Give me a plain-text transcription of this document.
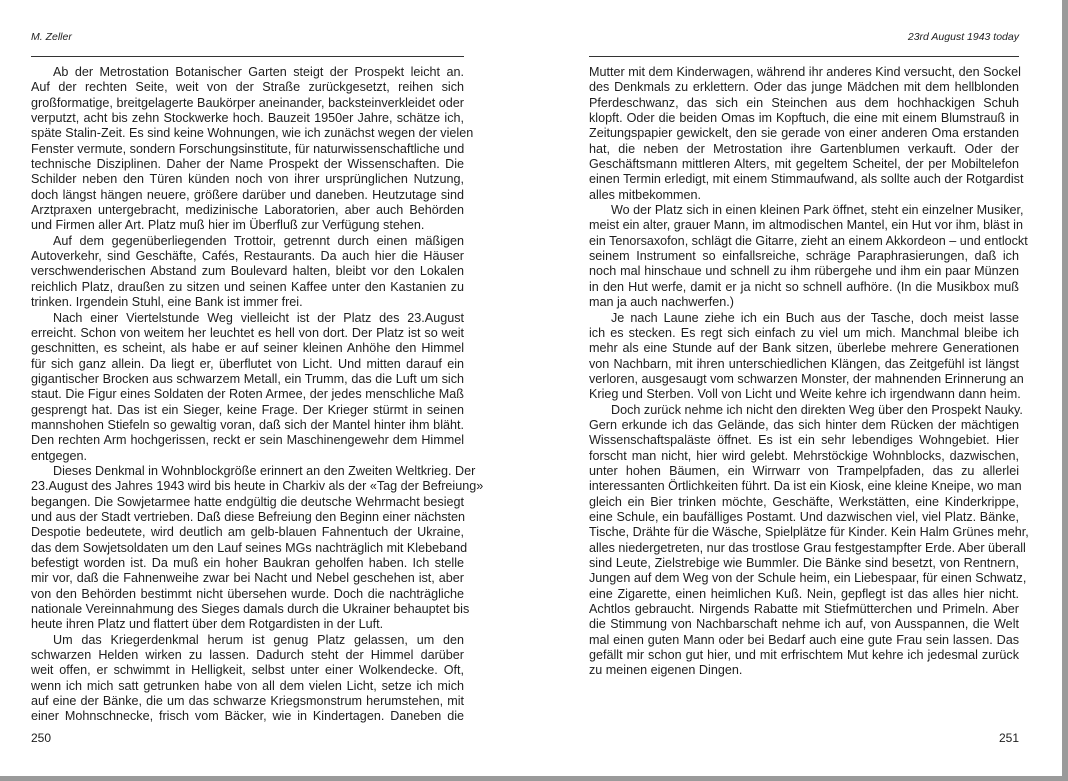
M. Zeller
Ab der Metrostation Botanischer Garten steigt der Prospekt leicht an.
Auf der rechten Seite, weit von der Straße zurückgesetzt, reihen sich
großformatige, breitgelagerte Baukörper aneinander, backsteinverkleidet oder
verputzt, acht bis zehn Stockwerke hoch. Bauzeit 1950er Jahre, schätze ich,
späte Stalin-Zeit. Es sind keine Wohnungen, wie ich zunächst wegen der vielen
Fenster vermute, sondern Forschungsinstitute, für naturwissenschaftliche und
technische Disziplinen. Daher der Name Prospekt der Wissenschaften. Die
Schilder neben den Türen künden noch von ihrer ursprünglichen Nutzung,
doch längst hängen neuere, größere darüber und daneben. Heutzutage sind
Arztpraxen untergebracht, medizinische Laboratorien, aber auch Behörden
und Firmen aller Art. Platz muß hier im Überfluß zur Verfügung stehen.
Auf dem gegenüberliegenden Trottoir, getrennt durch einen mäßigen
Autoverkehr, sind Geschäfte, Cafés, Restaurants. Da auch hier die Häuser
verschwenderischen Abstand zum Boulevard halten, bleibt vor den Lokalen
reichlich Platz, draußen zu sitzen und seinen Kaffee unter den Kastanien zu
trinken. Irgendein Stuhl, eine Bank ist immer frei.
Nach einer Viertelstunde Weg vielleicht ist der Platz des 23.August
erreicht. Schon von weitem her leuchtet es hell von dort. Der Platz ist so weit
geschnitten, es scheint, als habe er auf seiner kleinen Anhöhe den Himmel
für sich ganz allein. Da liegt er, überflutet von Licht. Und mitten darauf ein
gigantischer Brocken aus schwarzem Metall, ein Trumm, das die Luft um sich
staut. Die Figur eines Soldaten der Roten Armee, der jedes menschliche Maß
gesprengt hat. Das ist ein Sieger, keine Frage. Der Krieger stürmt in seinen
mannshohen Stiefeln so gewaltig voran, daß sich der Mantel hinter ihm bläht.
Den rechten Arm hochgerissen, reckt er sein Maschinengewehr dem Himmel
entgegen.
Dieses Denkmal in Wohnblockgröße erinnert an den Zweiten Weltkrieg. Der
23.August des Jahres 1943 wird bis heute in Charkiv als der «Tag der Befreiung»
begangen. Die Sowjetarmee hatte endgültig die deutsche Wehrmacht besiegt
und aus der Stadt vertrieben. Daß diese Befreiung den Beginn einer nächsten
Despotie bedeutete, wird deutlich am gelb-blauen Fahnentuch der Ukraine,
das dem Sowjetsoldaten um den Lauf seines MGs nachträglich mit Klebeband
befestigt worden ist. Da muß ein hoher Baukran geholfen haben. Ich stelle
mir vor, daß die Fahnenweihe zwar bei Nacht und Nebel geschehen ist, aber
von den Behörden bestimmt nicht übersehen wurde. Doch die nachträgliche
nationale Vereinnahmung des Sieges damals durch die Ukrainer behauptet bis
heute ihren Platz und flattert über dem Rotgardisten in der Luft.
Um das Kriegerdenkmal herum ist genug Platz gelassen, um den
schwarzen Helden wirken zu lassen. Dadurch steht der Himmel darüber
weit offen, er schwimmt in Helligkeit, selbst unter einer Wolkendecke. Oft,
wenn ich mich satt getrunken habe von all dem vielen Licht, setze ich mich
auf eine der Bänke, die um das schwarze Kriegsmonstrum herumstehen, mit
einer Mohnschnecke, frisch vom Bäcker, wie in Kindertagen. Daneben die
250
23rd August 1943 today
Mutter mit dem Kinderwagen, während ihr anderes Kind versucht, den Sockel
des Denkmals zu erklettern. Oder das junge Mädchen mit dem hellblonden
Pferdeschwanz, das sich ein Steinchen aus dem hochhackigen Schuh
klopft. Oder die beiden Omas im Kopftuch, die eine mit einem Blumstrauß in
Zeitungspapier gewickelt, den sie gerade von einer anderen Oma erstanden
hat, die neben der Metrostation ihre Gartenblumen verkauft. Oder der
Geschäftsmann mittleren Alters, mit gegeltem Scheitel, der per Mobiltelefon
einen Termin erledigt, mit einem Stimmaufwand, als sollte auch der Rotgardist
alles mitbekommen.
Wo der Platz sich in einen kleinen Park öffnet, steht ein einzelner Musiker,
meist ein alter, grauer Mann, im altmodischen Mantel, ein Hut vor ihm, bläst in
ein Tenorsaxofon, schlägt die Gitarre, zieht an einem Akkordeon – und entlockt
seinem Instrument so einfallsreiche, schräge Paraphrasierungen, daß ich
noch mal hinschaue und schnell zu ihm rübergehe und ihm ein paar Münzen
in den Hut werfe, damit er ja nicht so schnell aufhöre. (In die Musikbox muß
man ja auch nachwerfen.)
Je nach Laune ziehe ich ein Buch aus der Tasche, doch meist lasse
ich es stecken. Es regt sich einfach zu viel um mich. Manchmal bleibe ich
mehr als eine Stunde auf der Bank sitzen, überlebe mehrere Generationen
von Nachbarn, mit ihren unterschiedlichen Klängen, das Zeitgefühl ist längst
verloren, ausgesaugt vom schwarzen Monster, der mahnenden Erinnerung an
Krieg und Sterben. Voll von Licht und Weite kehre ich irgendwann dann heim.
Doch zurück nehme ich nicht den direkten Weg über den Prospekt Nauky.
Gern erkunde ich das Gelände, das sich hinter dem Rücken der mächtigen
Wissenschaftspaläste öffnet. Es ist ein sehr lebendiges Wohngebiet. Hier
forscht man nicht, hier wird gelebt. Mehrstöckige Wohnblocks, dazwischen,
unter hohen Bäumen, ein Wirrwarr von Trampelpfaden, das zu allerlei
interessanten Örtlichkeiten führt. Da ist ein Kiosk, eine kleine Kneipe, wo man
gleich ein Bier trinken möchte, Geschäfte, Werkstätten, eine Kinderkrippe,
eine Schule, ein baufälliges Postamt. Und dazwischen viel, viel Platz. Bänke,
Tische, Drähte für die Wäsche, Spielplätze für Kinder. Kein Halm Grünes mehr,
alles niedergetreten, nur das trostlose Grau festgestampfter Erde. Aber überall
sind Leute, Zielstrebige wie Bummler. Die Bänke sind besetzt, von Rentnern,
Jungen auf dem Weg von der Schule heim, ein Liebespaar, für einen Schwatz,
eine Zigarette, einen heimlichen Kuß. Nein, gepflegt ist das alles hier nicht.
Achtlos gebraucht. Nirgends Rabatte mit Stiefmütterchen und Primeln. Aber
die Stimmung von Nachbarschaft nehme ich auf, von Ausspannen, die Welt
mal einen guten Mann oder bei Bedarf auch eine gute Frau sein lassen. Das
gefällt mir schon gut hier, und mit erfrischtem Mut kehre ich jedesmal zurück
zu meinen eigenen Dingen.
251
